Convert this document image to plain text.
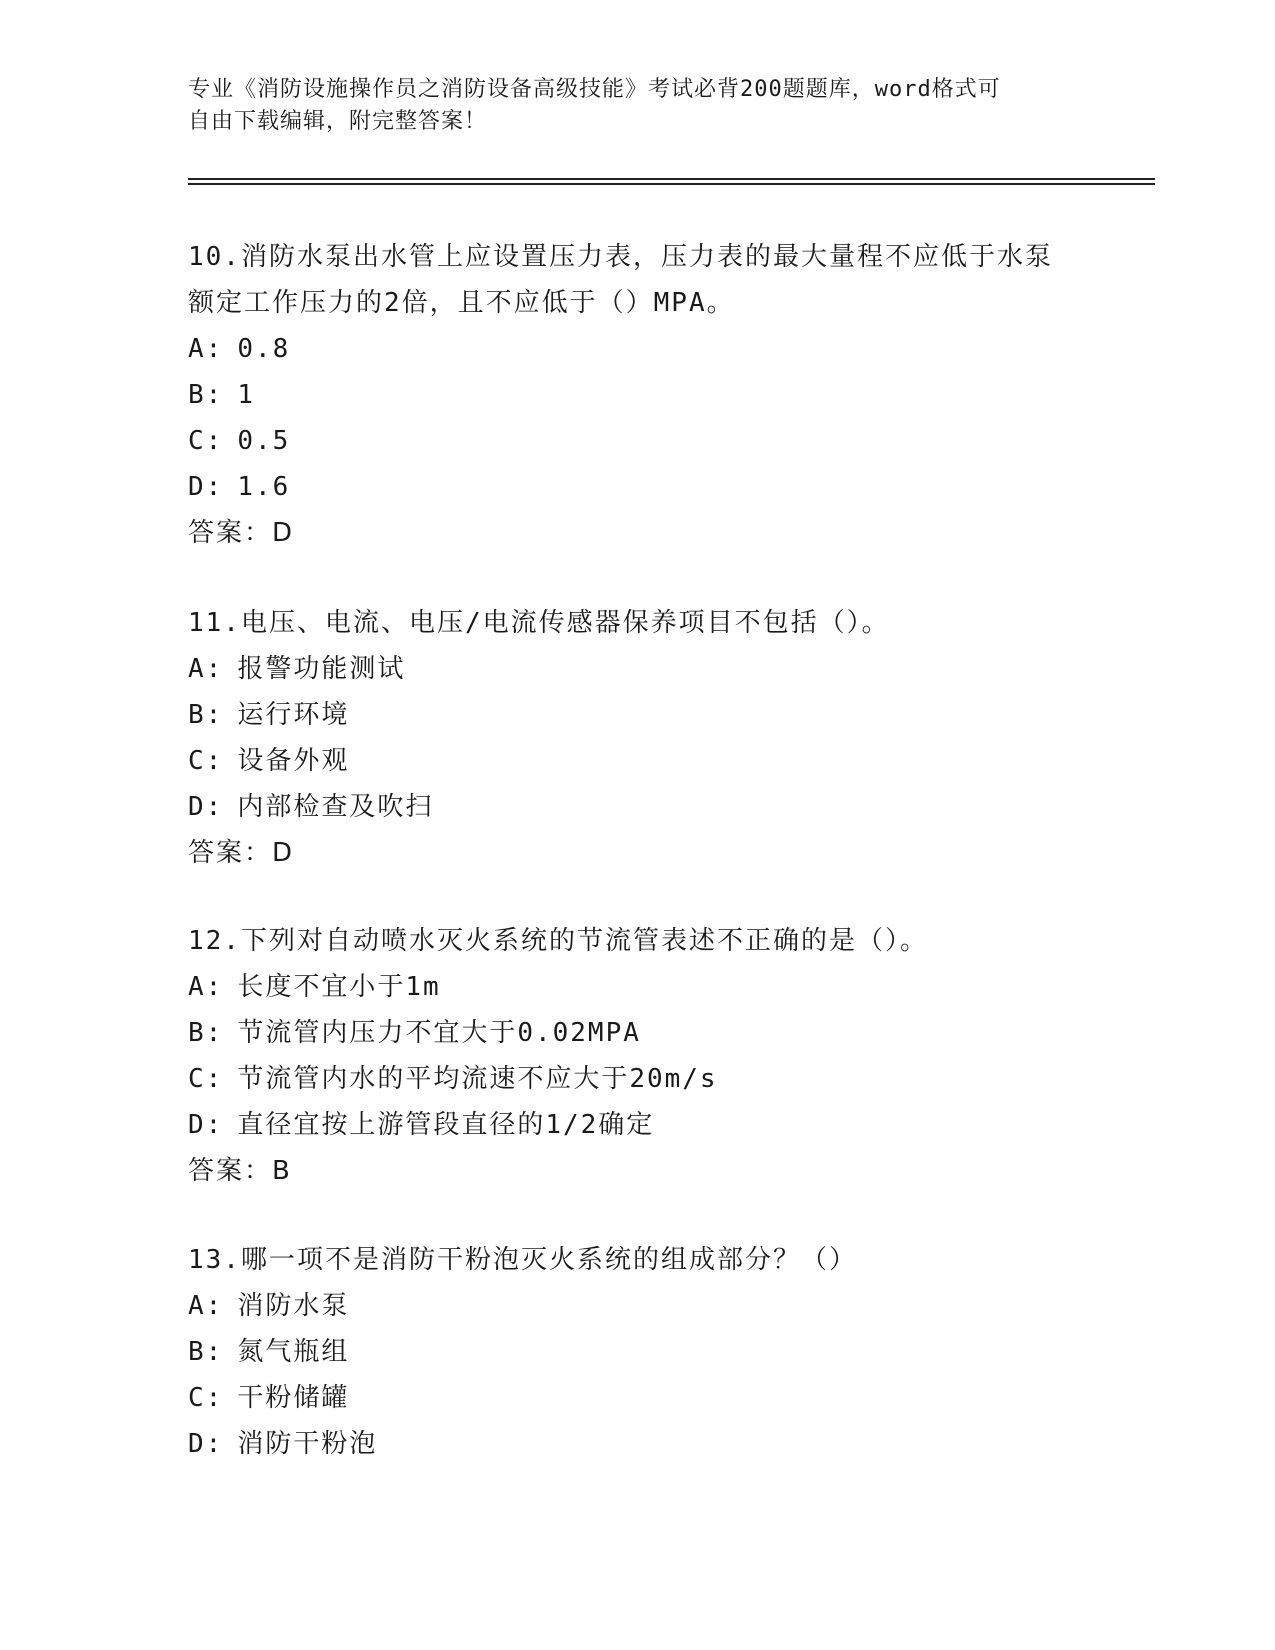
专业《消防设施操作员之消防设备高级技能》考试必背200题题库，word格式可
自由下载编辑，附完整答案！
10.消防水泵出水管上应设置压力表，压力表的最大量程不应低于水泵
额定工作压力的2倍，且不应低于（）MPA。
A: 0.8
B: 1
C: 0.5
D: 1.6
答案：D
11.电压、电流、电压/电流传感器保养项目不包括（）。
A: 报警功能测试
B: 运行环境
C: 设备外观
D: 内部检查及吹扫
答案：D
12.下列对自动喷水灭火系统的节流管表述不正确的是（）。
A: 长度不宜小于1m
B: 节流管内压力不宜大于0.02MPA
C: 节流管内水的平均流速不应大于20m/s
D: 直径宜按上游管段直径的1/2确定
答案：B
13.哪一项不是消防干粉泡灭火系统的组成部分？（）
A: 消防水泵
B: 氮气瓶组
C: 干粉储罐
D: 消防干粉泡
